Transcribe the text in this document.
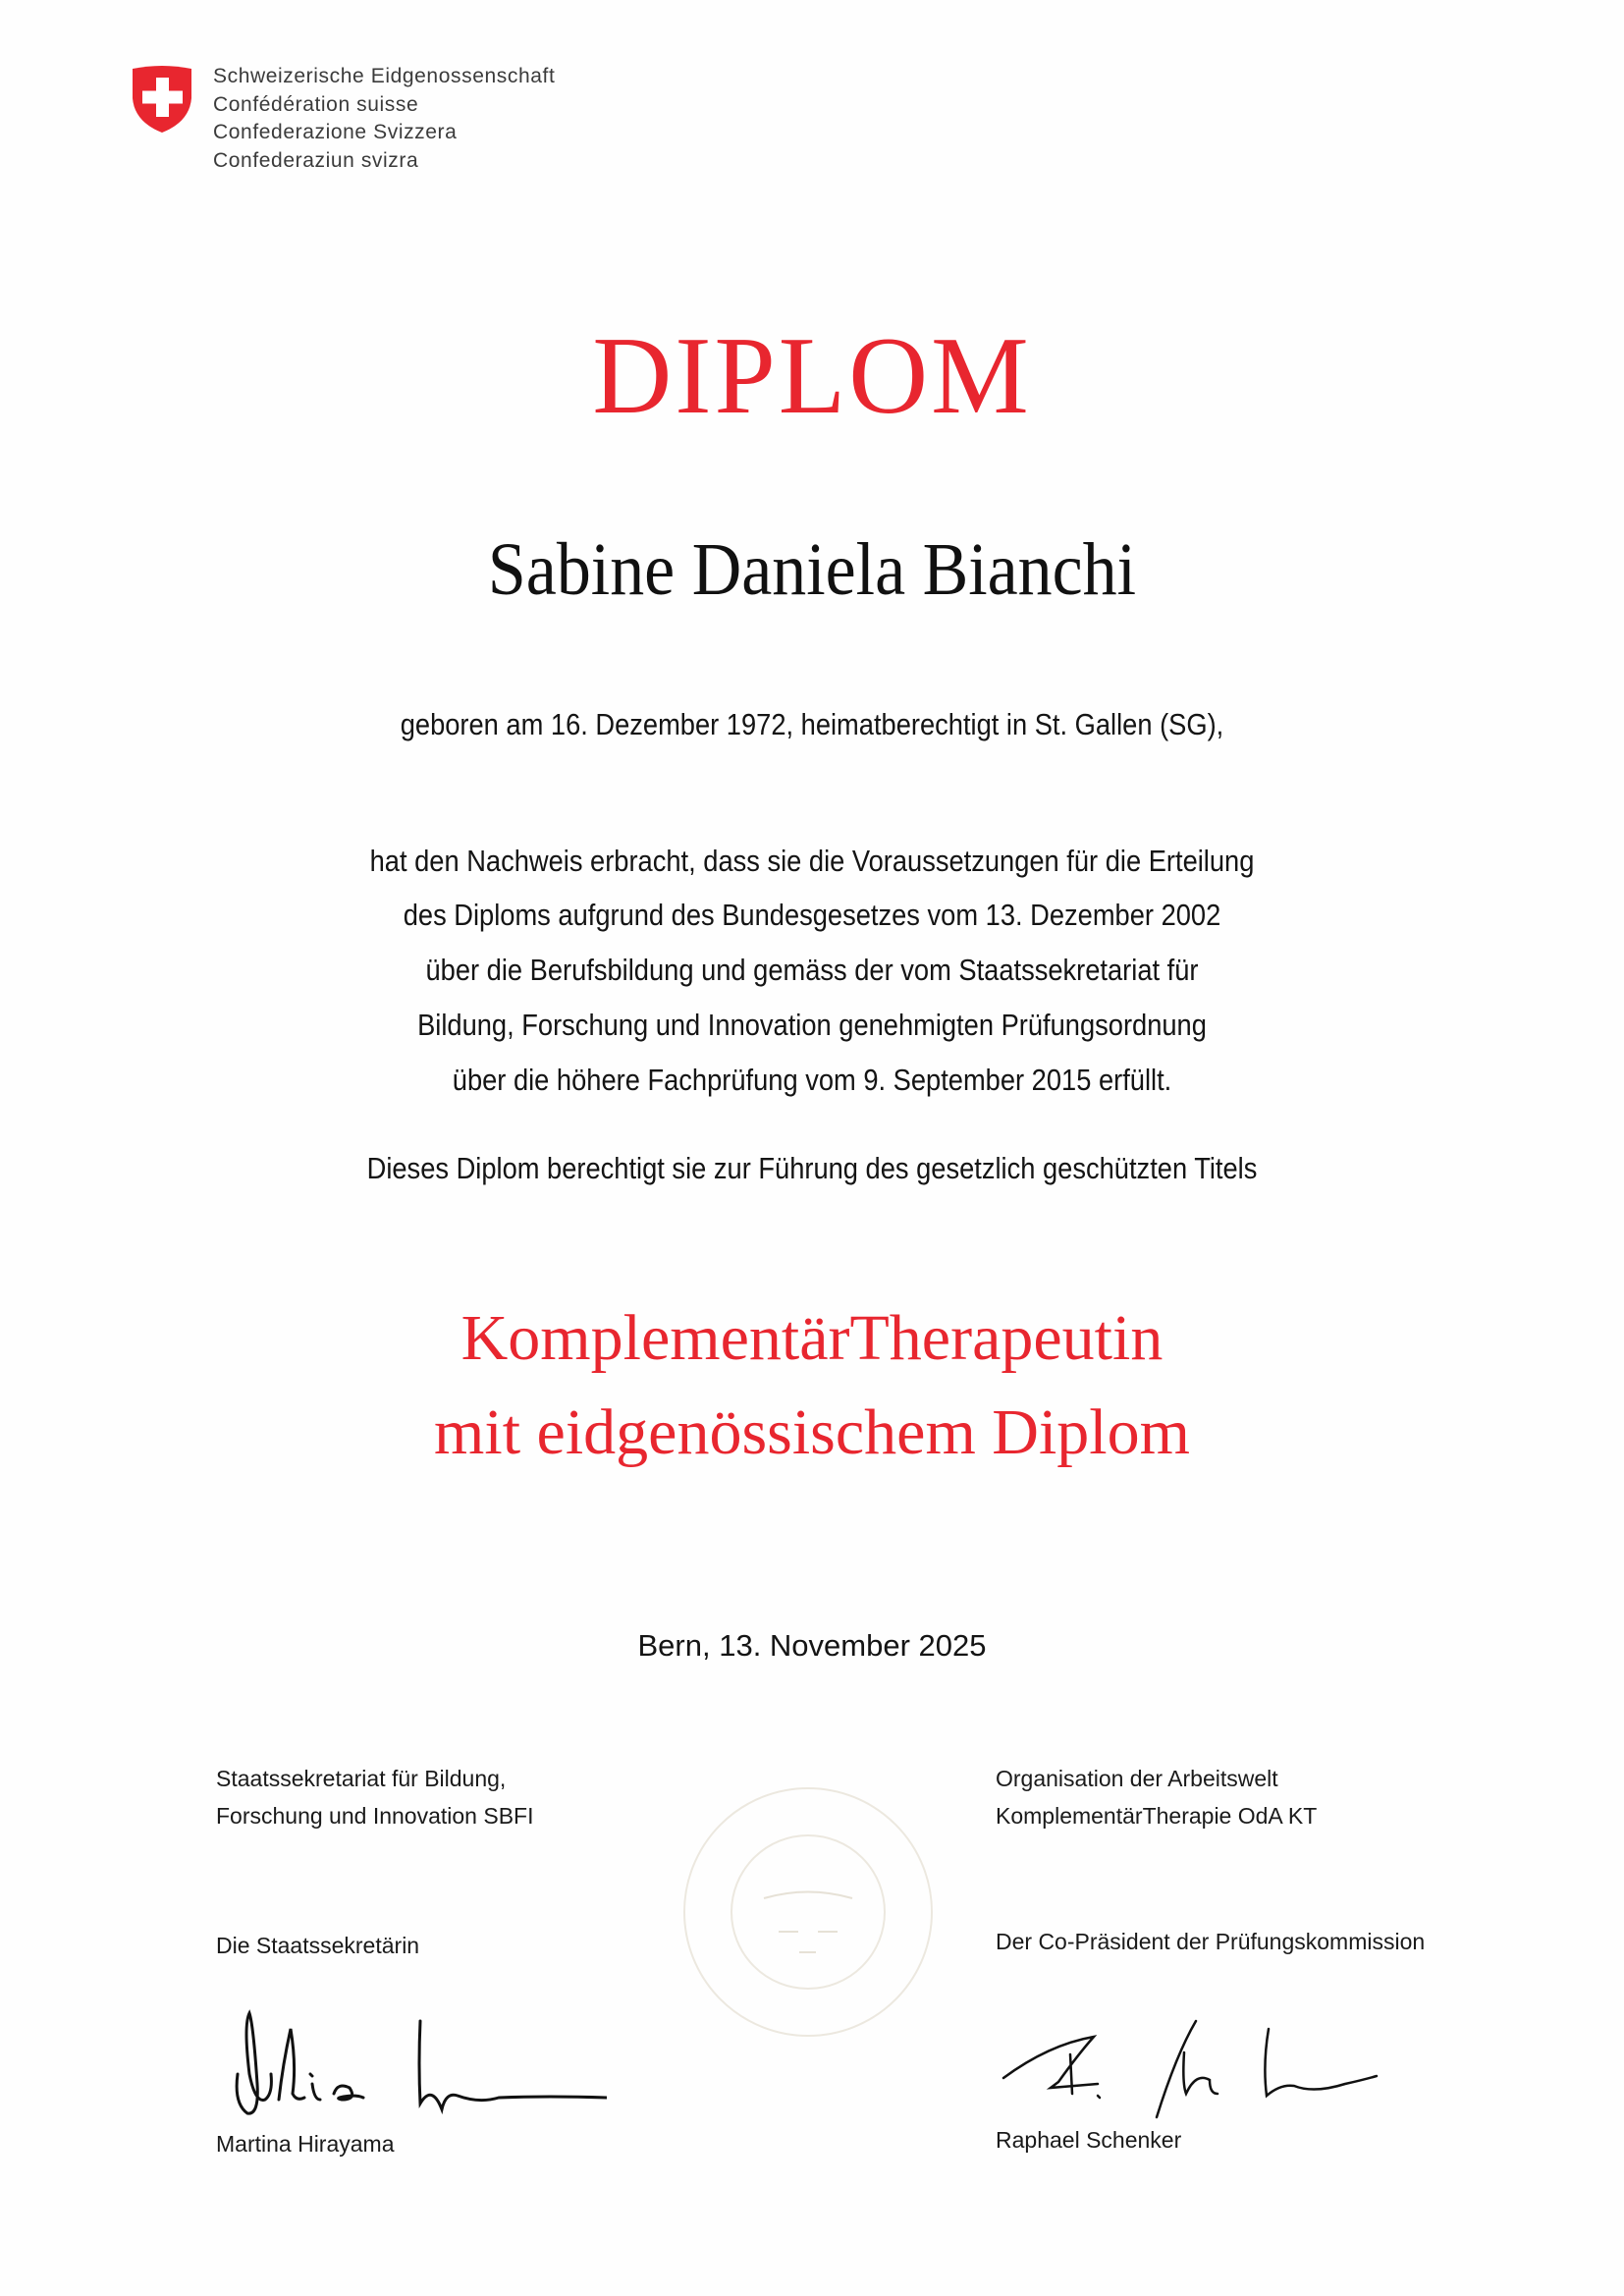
Schweizerische Eidgenossenschaft
Confédération suisse
Confederazione Svizzera
Confederaziun svizra
DIPLOM
Sabine Daniela Bianchi
geboren am 16. Dezember 1972, heimatberechtigt in St. Gallen (SG),
hat den Nachweis erbracht, dass sie die Voraussetzungen für die Erteilung
des Diploms aufgrund des Bundesgesetzes vom 13. Dezember 2002
über die Berufsbildung und gemäss der vom Staatssekretariat für
Bildung, Forschung und Innovation genehmigten Prüfungsordnung
über die höhere Fachprüfung vom 9. September 2015 erfüllt.
Dieses Diplom berechtigt sie zur Führung des gesetzlich geschützten Titels
KomplementärTherapeutin
mit eidgenössischem Diplom
Bern, 13. November 2025
Staatssekretariat für Bildung,
Forschung und Innovation SBFI
Die Staatssekretärin
Martina Hirayama
Organisation der Arbeitswelt
KomplementärTherapie OdA KT
Der Co-Präsident der Prüfungskommission
Raphael Schenker
